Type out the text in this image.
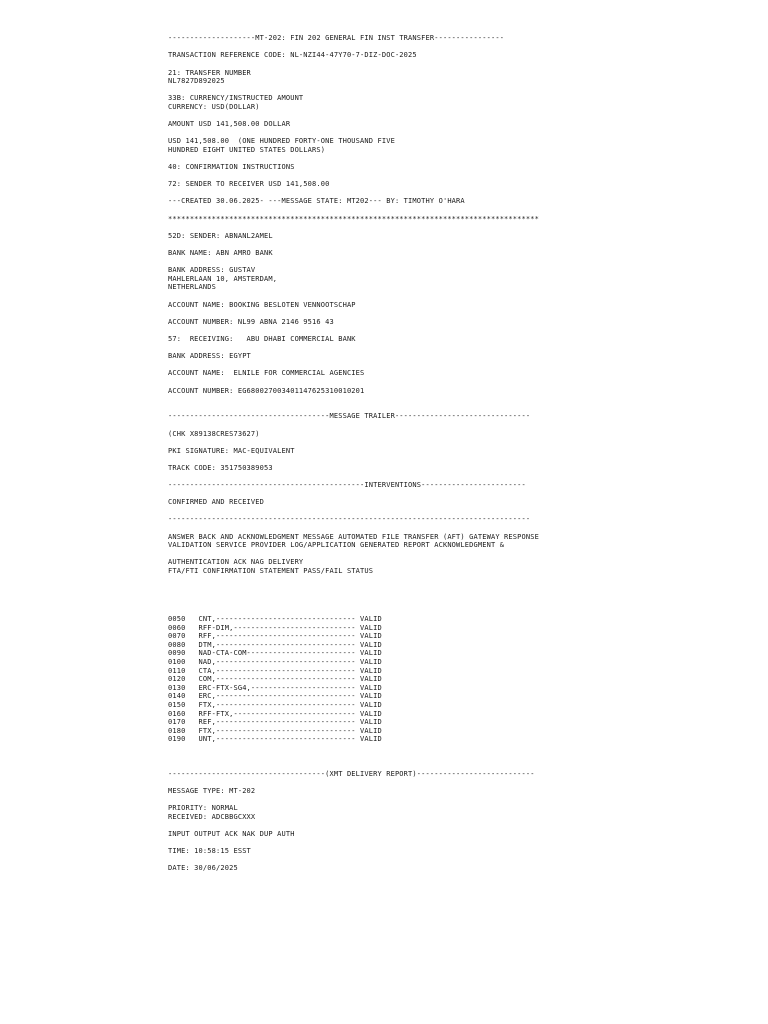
--------------------MT-202: FIN 202 GENERAL FIN INST TRANSFER----------------
TRANSACTION REFERENCE CODE: NL-NZI44-47Y70-7-DIZ-DOC-2025
21: TRANSFER NUMBER
NL7827D892025
33B: CURRENCY/INSTRUCTED AMOUNT
CURRENCY: USD(DOLLAR)
AMOUNT USD 141,508.00 DOLLAR
USD 141,508.00  (ONE HUNDRED FORTY-ONE THOUSAND FIVE
HUNDRED EIGHT UNITED STATES DOLLARS)
40: CONFIRMATION INSTRUCTIONS
72: SENDER TO RECEIVER USD 141,508.00
---CREATED 30.06.2025- ---MESSAGE STATE: MT202--- BY: TIMOTHY O'HARA
*************************************************************************************
52D: SENDER: ABNANL2AMEL
BANK NAME: ABN AMRO BANK
BANK ADDRESS: GUSTAV
MAHLERLAAN 10, AMSTERDAM,
NETHERLANDS
ACCOUNT NAME: BOOKING BESLOTEN VENNOOTSCHAP
ACCOUNT NUMBER: NL99 ABNA 2146 9516 43
57:  RECEIVING:   ABU DHABI COMMERCIAL BANK
BANK ADDRESS: EGYPT
ACCOUNT NAME:  ELNILE FOR COMMERCIAL AGENCIES
ACCOUNT NUMBER: EG680027003401147625310010201
-------------------------------------MESSAGE TRAILER-------------------------------
(CHK X89138CRES73627)
PKI SIGNATURE: MAC-EQUIVALENT
TRACK CODE: 351750389053
---------------------------------------------INTERVENTIONS------------------------
CONFIRMED AND RECEIVED
-----------------------------------------------------------------------------------
ANSWER BACK AND ACKNOWLEDGMENT MESSAGE AUTOMATED FILE TRANSFER (AFT) GATEWAY RESPONSE
VALIDATION SERVICE PROVIDER LOG/APPLICATION GENERATED REPORT ACKNOWLEDGMENT &
AUTHENTICATION ACK NAG DELIVERY
FTA/FTI CONFIRMATION STATEMENT PASS/FAIL STATUS

0050   CNT,-------------------------------- VALID
0060   RFF-DIM,---------------------------- VALID
0070   RFF,-------------------------------- VALID
0080   DTM,-------------------------------- VALID
0090   NAD-CTA-COM------------------------- VALID
0100   NAD,-------------------------------- VALID
0110   CTA,-------------------------------- VALID
0120   COM,-------------------------------- VALID
0130   ERC-FTX-SG4,------------------------ VALID
0140   ERC,-------------------------------- VALID
0150   FTX,-------------------------------- VALID
0160   RFF-FTX,---------------------------- VALID
0170   REF,-------------------------------- VALID
0180   FTX,-------------------------------- VALID
0190   UNT,-------------------------------- VALID

------------------------------------(XMT DELIVERY REPORT)---------------------------
MESSAGE TYPE: MT-202
PRIORITY: NORMAL
RECEIVED: ADCBBGCXXX
INPUT OUTPUT ACK NAK DUP AUTH
TIME: 10:58:15 ESST
DATE: 30/06/2025
